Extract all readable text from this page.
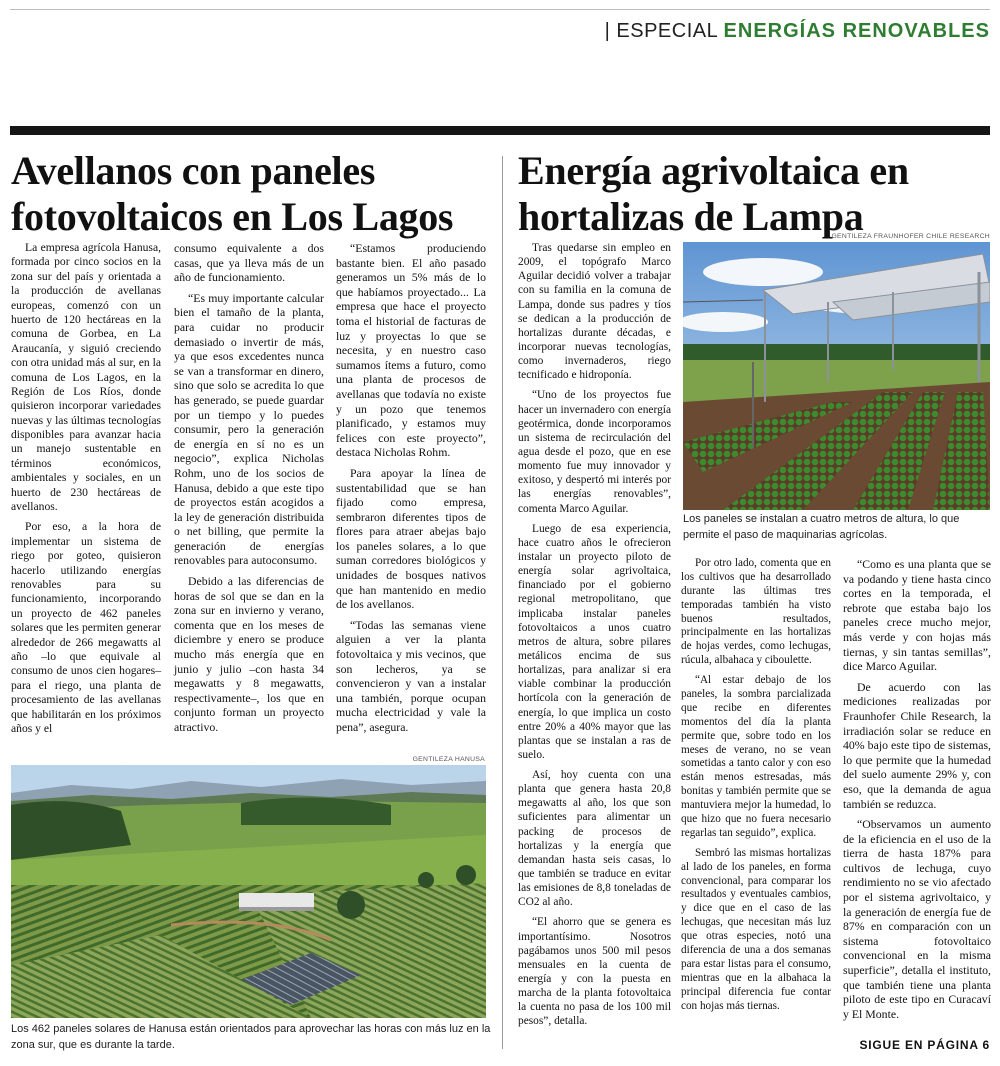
| ESPECIAL ENERGÍAS RENOVABLES
Avellanos con paneles fotovoltaicos en Los Lagos

La empresa agrícola Hanusa, formada por cinco socios en la zona sur del país y orientada a la producción de avellanas europeas, comenzó con un huerto de 120 hectáreas en la comuna de Gorbea, en La Araucanía, y siguió creciendo con otra unidad más al sur, en la comuna de Los Lagos, en la Región de Los Ríos, donde quisieron incorporar variedades nuevas y las últimas tecnologías disponibles para avanzar hacia un manejo sustentable en términos económicos, ambientales y sociales, en un huerto de 230 hectáreas de avellanos.

Por eso, a la hora de implementar un sistema de riego por goteo, quisieron hacerlo utilizando energías renovables para su funcionamiento, incorporando un proyecto de 462 paneles solares que les permiten generar alrededor de 266 megawatts al año –lo que equivale al consumo de unos cien hogares– para el riego, una planta de procesamiento de las avellanas que habilitarán en los próximos años y el

consumo equivalente a dos casas, que ya lleva más de un año de funcionamiento.

“Es muy importante calcular bien el tamaño de la planta, para cuidar no producir demasiado o invertir de más, ya que esos excedentes nunca se van a transformar en dinero, sino que solo se acredita lo que has generado, se puede guardar por un tiempo y lo puedes consumir, pero la generación de energía en sí no es un negocio”, explica Nicholas Rohm, uno de los socios de Hanusa, debido a que este tipo de proyectos están acogidos a la ley de generación distribuida o net billing, que permite la generación de energías renovables para autoconsumo.

Debido a las diferencias de horas de sol que se dan en la zona sur en invierno y verano, comenta que en los meses de diciembre y enero se produce mucho más energía que en junio y julio –con hasta 34 megawatts y 8 megawatts, respectivamente–, los que en conjunto forman un proyecto atractivo.

“Estamos produciendo bastante bien. El año pasado generamos un 5% más de lo que habíamos proyectado... La empresa que hace el proyecto toma el historial de facturas de luz y proyectas lo que se necesita, y en nuestro caso sumamos ítems a futuro, como una planta de procesos de avellanas que todavía no existe y un pozo que tenemos planificado, y estamos muy felices con este proyecto”, destaca Nicholas Rohm.

Para apoyar la línea de sustentabilidad que se han fijado como empresa, sembraron diferentes tipos de flores para atraer abejas bajo los paneles solares, a lo que suman corredores biológicos y unidades de bosques nativos que han mantenido en medio de los avellanos.

“Todas las semanas viene alguien a ver la planta fotovoltaica y mis vecinos, que son lecheros, ya se convencieron y van a instalar una también, porque ocupan mucha electricidad y vale la pena”, asegura.

GENTILEZA HANUSA
Los 462 paneles solares de Hanusa están orientados para aprovechar las horas con más luz en la zona sur, que es durante la tarde.
Energía agrivoltaica en hortalizas de Lampa
GENTILEZA FRAUNHOFER CHILE RESEARCH
Los paneles se instalan a cuatro metros de altura, lo que permite el paso de maquinarias agrícolas.

Tras quedarse sin empleo en 2009, el topógrafo Marco Aguilar decidió volver a trabajar con su familia en la comuna de Lampa, donde sus padres y tíos se dedican a la producción de hortalizas durante décadas, e incorporar nuevas tecnologías, como invernaderos, riego tecnificado e hidroponía.

“Uno de los proyectos fue hacer un invernadero con energía geotérmica, donde incorporamos un sistema de recirculación del agua desde el pozo, que en ese momento fue muy innovador y exitoso, y despertó mi interés por las energías renovables”, comenta Marco Aguilar.

Luego de esa experiencia, hace cuatro años le ofrecieron instalar un proyecto piloto de energía solar agrivoltaica, financiado por el gobierno regional metropolitano, que implicaba instalar paneles fotovoltaicos a unos cuatro metros de altura, sobre pilares metálicos encima de sus hortalizas, para analizar si era viable combinar la producción hortícola con la generación de energía, lo que implica un costo entre 20% a 40% mayor que las plantas que se instalan a ras de suelo.

Así, hoy cuenta con una planta que genera hasta 20,8 megawatts al año, los que son suficientes para alimentar un packing de procesos de hortalizas y la energía que demandan hasta seis casas, lo que también se traduce en evitar las emisiones de 8,8 toneladas de CO2 al año.

“El ahorro que se genera es importantísimo. Nosotros pagábamos unos 500 mil pesos mensuales en la cuenta de energía y con la puesta en marcha de la planta fotovoltaica la cuenta no pasa de los 100 mil pesos”, detalla.

Por otro lado, comenta que en los cultivos que ha desarrollado durante las últimas tres temporadas también ha visto buenos resultados, principalmente en las hortalizas de hojas verdes, como lechugas, rúcula, albahaca y ciboulette.

“Al estar debajo de los paneles, la sombra parcializada que recibe en diferentes momentos del día la planta permite que, sobre todo en los meses de verano, no se vean sometidas a tanto calor y con eso están menos estresadas, más bonitas y también permite que se mantuviera mejor la humedad, lo que hizo que no fuera necesario regarlas tan seguido”, explica.

Sembró las mismas hortalizas al lado de los paneles, en forma convencional, para comparar los resultados y eventuales cambios, y dice que en el caso de las lechugas, que necesitan más luz que otras especies, notó una diferencia de una a dos semanas para estar listas para el consumo, mientras que en la albahaca la principal diferencia fue contar con hojas más tiernas.

“Como es una planta que se va podando y tiene hasta cinco cortes en la temporada, el rebrote que estaba bajo los paneles crece mucho mejor, más verde y con hojas más tiernas, y sin tantas semillas”, dice Marco Aguilar.

De acuerdo con las mediciones realizadas por Fraunhofer Chile Research, la irradiación solar se reduce en 40% bajo este tipo de sistemas, lo que permite que la humedad del suelo aumente 29% y, con eso, que la demanda de agua también se reduzca.

“Observamos un aumento de la eficiencia en el uso de la tierra de hasta 187% para cultivos de lechuga, cuyo rendimiento no se vio afectado por el sistema agrivoltaico, y la generación de energía fue de 87% en comparación con un sistema fotovoltaico convencional en la misma superficie”, detalla el instituto, que también tiene una planta piloto de este tipo en Curacaví y El Monte.

SIGUE EN PÁGINA 6
